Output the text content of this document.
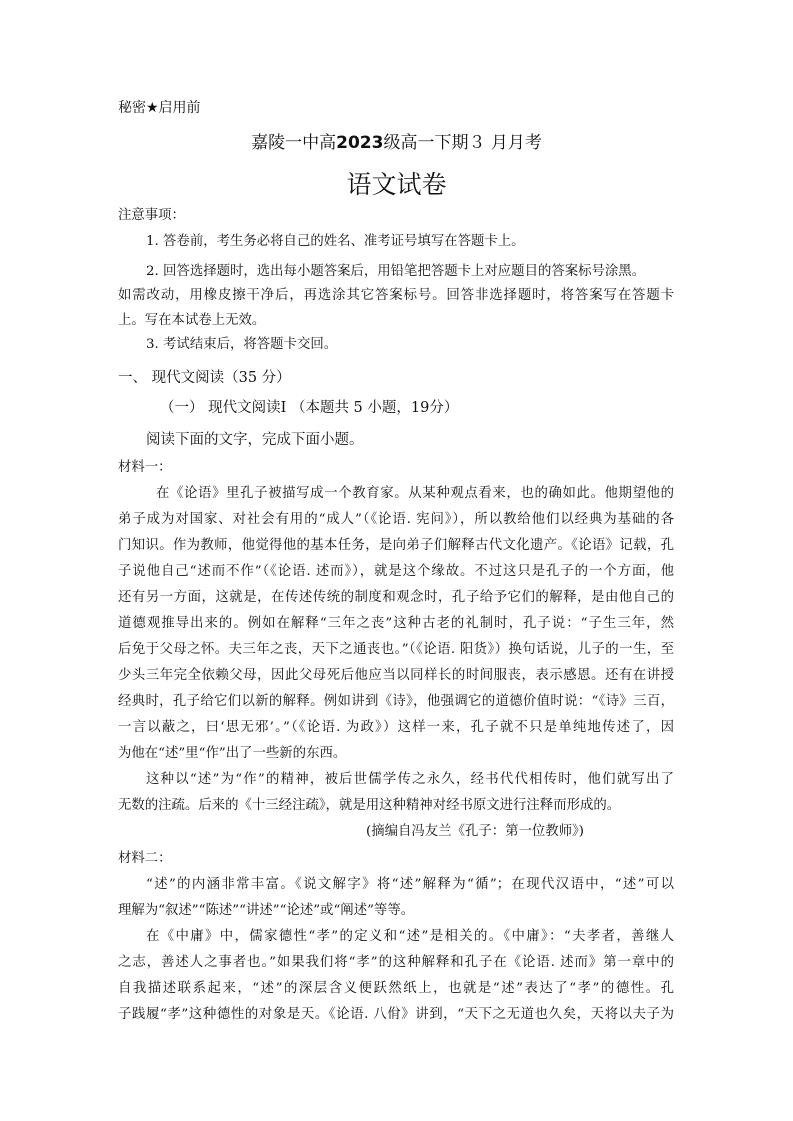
秘密★启用前
嘉陵一中高2023级高一下期３ 月月考
语文试卷
注意事项：
1. 答卷前，考生务必将自己的姓名、准考证号填写在答题卡上。
2. 回答选择题时，选出每小题答案后，用铅笔把答题卡上对应题目的答案标号涂黑。
如需改动，用橡皮擦干净后，再选涂其它答案标号。回答非选择题时，将答案写在答题卡
上。写在本试卷上无效。
3. 考试结束后，将答题卡交回。
一、 现代文阅读（35 分）
（一） 现代文阅读Ⅰ （本题共 5 小题，19分）
阅读下面的文字，完成下面小题。
材料一：
在《论语》里孔子被描写成一个教育家。从某种观点看来，也的确如此。他期望他的
弟子成为对国家、对社会有用的“成人”（《论语. 宪问》），所以教给他们以经典为基础的各
门知识。作为教师，他觉得他的基本任务，是向弟子们解释古代文化遗产。《论语》记载，孔
子说他自己“述而不作”（《论语. 述而》），就是这个缘故。不过这只是孔子的一个方面，他
还有另一方面，这就是，在传述传统的制度和观念时，孔子给予它们的解释，是由他自己的
道德观推导出来的。例如在解释“三年之丧”这种古老的礼制时，孔子说：“子生三年，然
后免于父母之怀。夫三年之丧，天下之通丧也。”（《论语. 阳货》）换句话说，儿子的一生，至
少头三年完全依赖父母，因此父母死后他应当以同样长的时间服丧，表示感恩。还有在讲授
经典时，孔子给它们以新的解释。例如讲到《诗》，他强调它的道德价值时说：“《诗》三百，
一言以蔽之，曰‘思无邪’。”（《论语. 为政》）这样一来，孔子就不只是单纯地传述了，因
为他在“述”里“作”出了一些新的东西。
这种以“述”为“作”的精神，被后世儒学传之永久，经书代代相传时，他们就写出了
无数的注疏。后来的《十三经注疏》，就是用这种精神对经书原文进行注释而形成的。
(摘编自冯友兰《孔子：第一位教师》)
材料二：
“述”的内涵非常丰富。《说文解字》将“述”解释为“循”；在现代汉语中，“述”可以
理解为“叙述”“陈述”“讲述”“论述”或“阐述”等等。
在《中庸》中，儒家德性“孝”的定义和“述”是相关的。《中庸》：“夫孝者，善继人
之志，善述人之事者也。”如果我们将“孝”的这种解释和孔子在《论语. 述而》第一章中的
自我描述联系起来，“述”的深层含义便跃然纸上，也就是“述”表达了“孝”的德性。孔
子践履“孝”这种德性的对象是天。《论语. 八佾》讲到，“天下之无道也久矣，天将以夫子为
